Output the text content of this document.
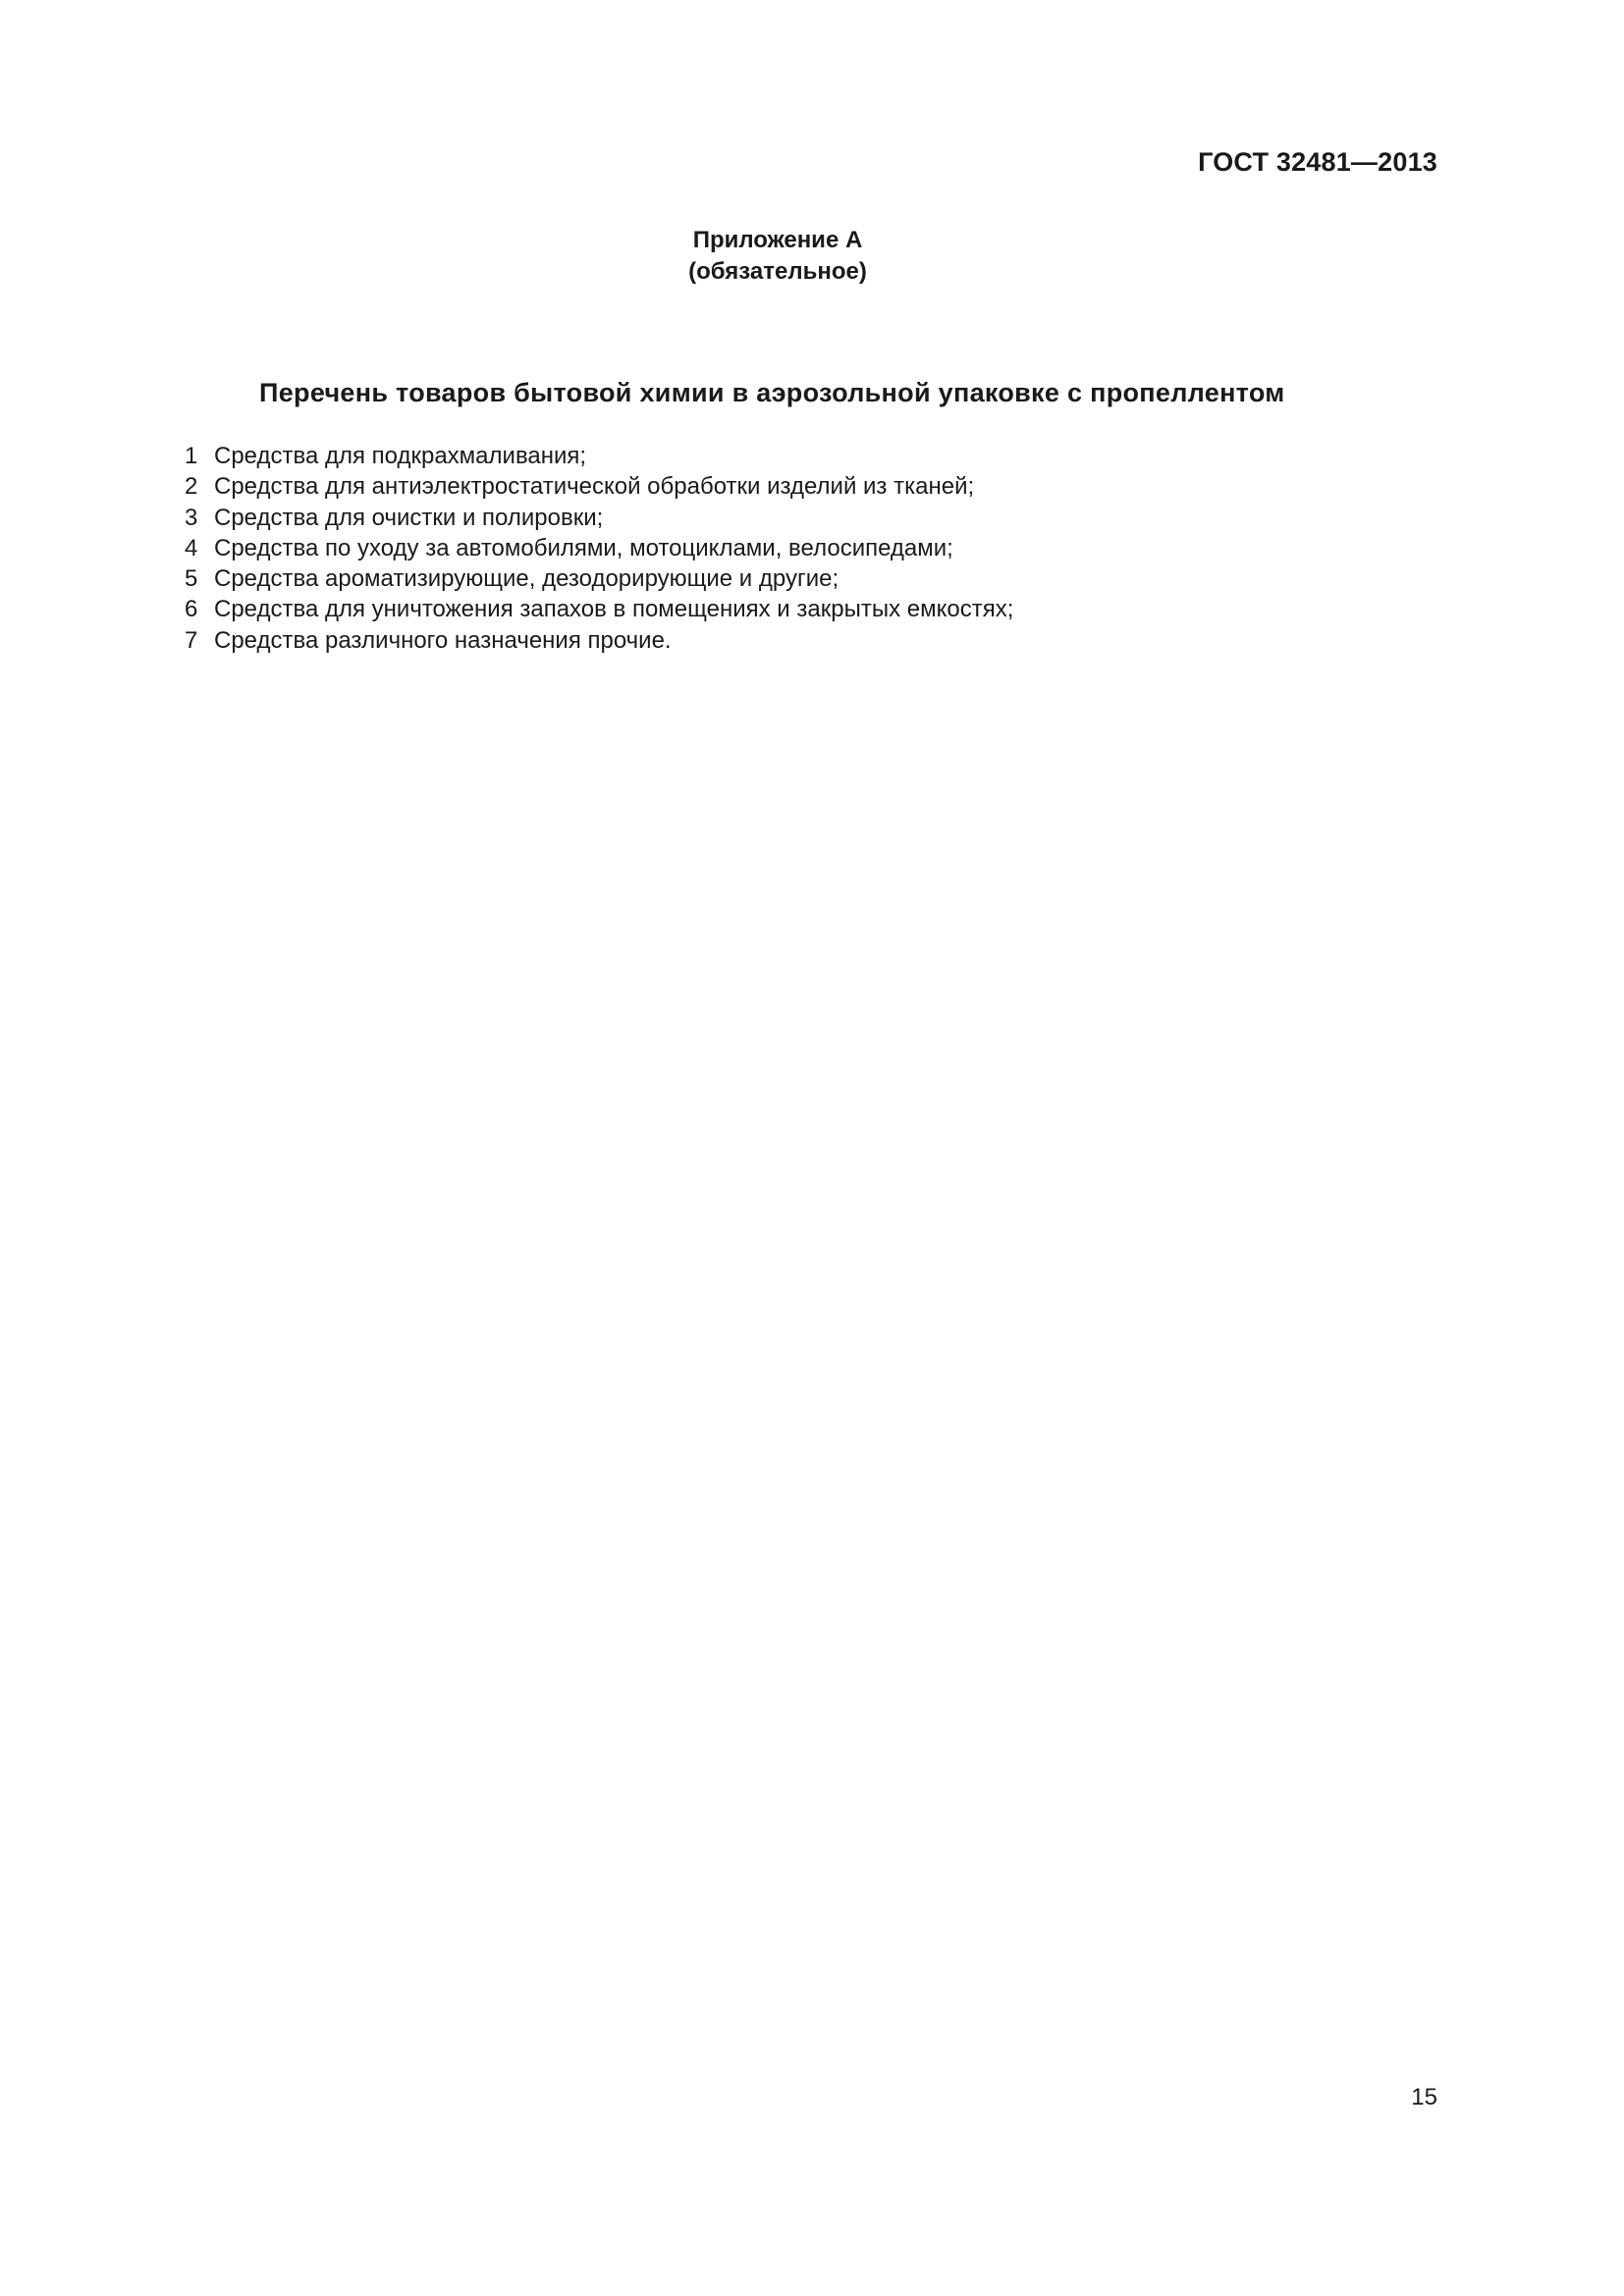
ГОСТ 32481—2013
Приложение А
(обязательное)
Перечень товаров бытовой химии в аэрозольной упаковке с пропеллентом
1 Средства для подкрахмаливания;
2 Средства для антиэлектростатической обработки изделий из тканей;
3 Средства для очистки и полировки;
4 Средства по уходу за автомобилями, мотоциклами, велосипедами;
5 Средства ароматизирующие, дезодорирующие и другие;
6 Средства для уничтожения запахов в помещениях и закрытых емкостях;
7 Средства различного назначения прочие.
15
